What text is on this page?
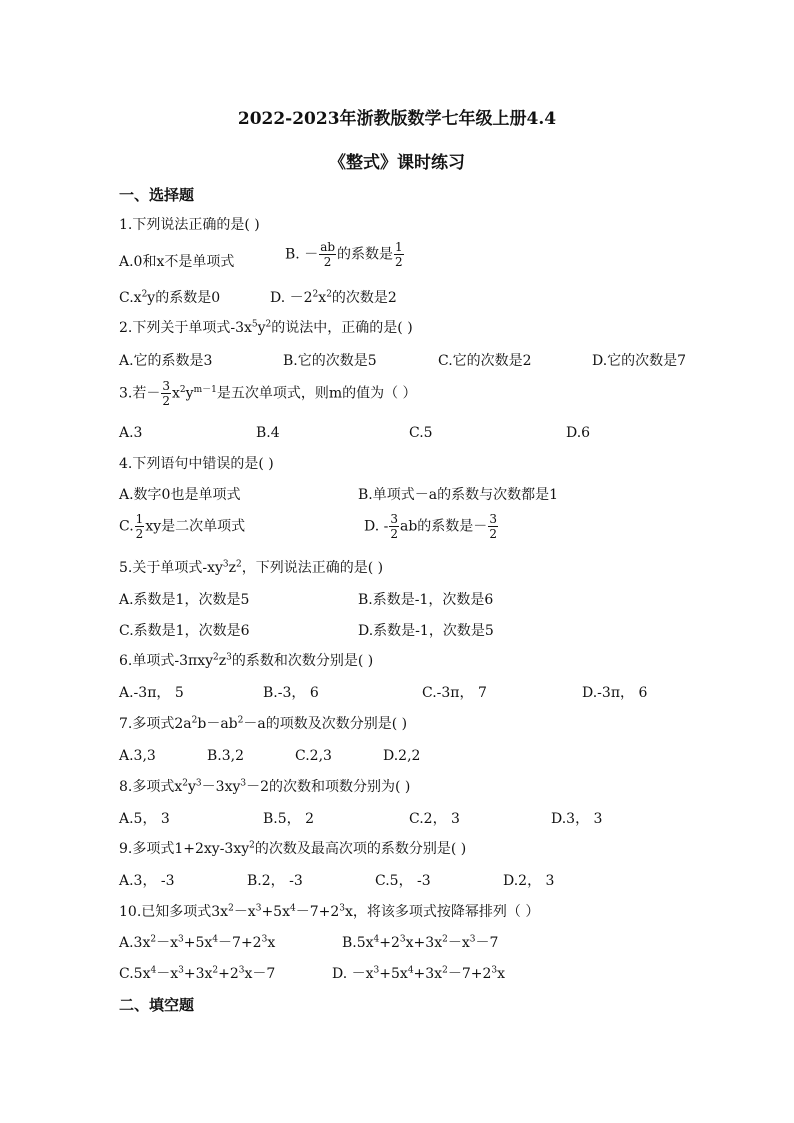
2022-2023年浙教版数学七年级上册4.4
《整式》课时练习
一、选择题
1.下列说法正确的是( )
A.0和x不是单项式	B. － $\frac{ab}{2}$ 的系数是 $\frac{1}{2}$
$C.x^2y$的系数是0	D. $-2^2x^2$的次数是2
2.下列关于单项式$-3x^5y^2$的说法中，正确的是( )
A.它的系数是3	B.它的次数是5	C.它的次数是2	D.它的次数是7
3.若－ $\frac{3}{2} x^2y^{m-1}$是五次单项式，则m的值为（ ）
A.3	B.4	C.5	D.6
4.下列语句中错误的是( )
A.数字0也是单项式	B.单项式－a的系数与次数都是1
C. $\frac{1}{2}$ xy是二次单项式	D. - $\frac{3}{2}$ ab的系数是－ $\frac{3}{2}$
5.关于单项式$-xy^3z^2$，下列说法正确的是( )
A.系数是1，次数是5	B.系数是-1，次数是6
C.系数是1，次数是6	D.系数是-1，次数是5
6.单项式$-3\pi xy^2z^3$的系数和次数分别是( )
A.-3π， 5	B.-3， 6	C.-3π， 7	D.-3π， 6
7.多项式$2a^2b-ab^2-a$的项数及次数分别是( )
A.3,3	B.3,2	C.2,3	D.2,2
8.多项式$x^2y^3-3xy^3-2$的次数和项数分别为( )
A.5， 3	B.5， 2	C.2， 3	D.3， 3
9.多项式$1+2xy-3xy^2$的次数及最高次项的系数分别是( )
A.3， -3	B.2， -3	C.5， -3	D.2， 3
10.已知多项式$3x^2-x^3+5x^4-7+2^3x$，将该多项式按降幂排列（ ）
$A.3x^2-x^3+5x^4-7+2^3x$	$B.5x^4+2^3x+3x^2-x^3-7$
$C.5x^4-x^3+3x^2+2^3x-7$	D. $-x^3+5x^4+3x^2-7+2^3x$
二、填空题
